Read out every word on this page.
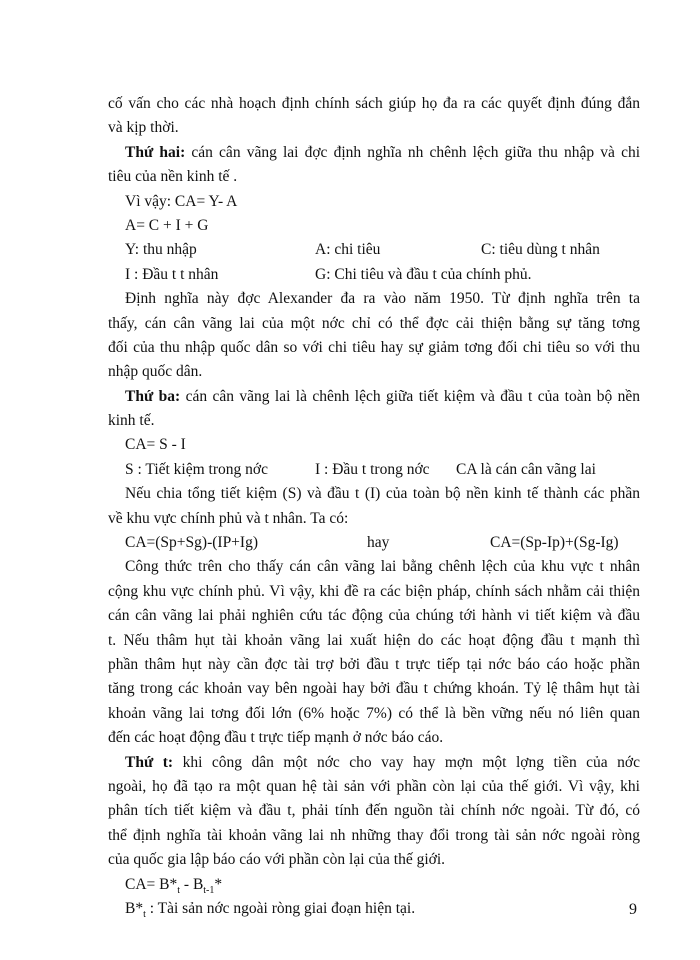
cố vấn cho các nhà hoạch định chính sách giúp họ đa ra các quyết định đúng đắn
và kịp thời.
Thứ hai: cán cân vãng lai đợc định nghĩa nh chênh lệch giữa thu nhập và chi
tiêu của nền kinh tế .
Vì vậy: CA= Y- A
A= C + I + G
Y: thu nhập	A: chi tiêu	C: tiêu dùng t nhân
I : Đầu t t nhân	G: Chi tiêu và đầu t của chính phủ.
Định nghĩa này đợc Alexander đa ra vào năm 1950. Từ định nghĩa trên ta
thấy, cán cân vãng lai của một nớc chỉ có thể đợc cải thiện bằng sự tăng tơng
đối của thu nhập quốc dân so với chi tiêu hay sự giảm tơng đối chi tiêu so với thu
nhập quốc dân.
Thứ ba: cán cân vãng lai là chênh lệch giữa tiết kiệm và đầu t của toàn bộ nền
kinh tế.
CA= S - I
S : Tiết kiệm trong nớc	I : Đầu t trong nớc	CA là cán cân vãng lai
Nếu chia tổng tiết kiệm (S) và đầu t (I) của toàn bộ nền kinh tế thành các phần
về khu vực chính phủ và t nhân. Ta có:
CA=(Sp+Sg)-(IP+Ig)	hay	CA=(Sp-Ip)+(Sg-Ig)
Công thức trên cho thấy cán cân vãng lai bằng chênh lệch của khu vực t nhân
cộng khu vực chính phủ. Vì vậy, khi đề ra các biện pháp, chính sách nhằm cải thiện
cán cân vãng lai phải nghiên cứu tác động của chúng tới hành vi tiết kiệm và đầu
t. Nếu thâm hụt tài khoản vãng lai xuất hiện do các hoạt động đầu t mạnh thì
phần thâm hụt này cần đợc tài trợ bởi đầu t trực tiếp tại nớc báo cáo hoặc phần
tăng trong các khoản vay bên ngoài hay bởi đầu t chứng khoán. Tỷ lệ thâm hụt tài
khoản vãng lai tơng đối lớn (6% hoặc 7%) có thể là bền vững nếu nó liên quan
đến các hoạt động đầu t trực tiếp mạnh ở nớc báo cáo.
Thứ t: khi công dân một nớc cho vay hay mợn một lợng tiền của nớc
ngoài, họ đã tạo ra một quan hệ tài sản với phần còn lại của thế giới. Vì vậy, khi
phân tích tiết kiệm và đầu t, phải tính đến nguồn tài chính nớc ngoài. Từ đó, có
thể định nghĩa tài khoản vãng lai nh những thay đổi trong tài sản nớc ngoài ròng
của quốc gia lập báo cáo với phần còn lại của thế giới.
$CA= B*_t - B_{t-1}*$
$B*_t$ : Tài sản nớc ngoài ròng giai đoạn hiện tại.	9
